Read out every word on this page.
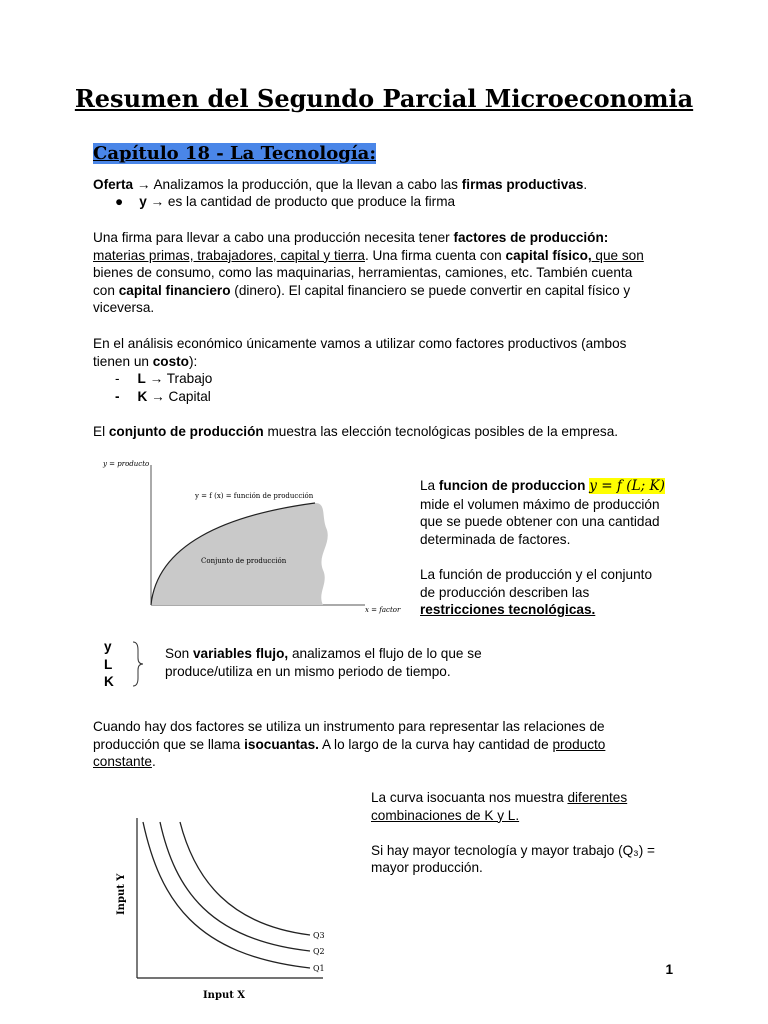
Resumen del Segundo Parcial Microeconomia
Capítulo 18 - La Tecnología:
Oferta → Analizamos la producción, que la llevan a cabo las firmas productivas.
● y → es la cantidad de producto que produce la firma
Una firma para llevar a cabo una producción necesita tener factores de producción:
materias primas, trabajadores, capital y tierra. Una firma cuenta con capital físico, que son
bienes de consumo, como las maquinarias, herramientas, camiones, etc. También cuenta
con capital financiero (dinero). El capital financiero se puede convertir en capital físico y
viceversa.
En el análisis económico únicamente vamos a utilizar como factores productivos (ambos
tienen un costo):
- L → Trabajo
- K → Capital
El conjunto de producción muestra las elección tecnológicas posibles de la empresa.
y = producto
x = factor
y = f (x) = función de producción
Conjunto de producción
La funcion de produccion y = f (L; K)
mide el volumen máximo de producción
que se puede obtener con una cantidad
determinada de factores.
La función de producción y el conjunto
de producción describen las
restricciones tecnológicas.
y
L
K
Son variables flujo, analizamos el flujo de lo que se
produce/utiliza en un mismo periodo de tiempo.
Cuando hay dos factores se utiliza un instrumento para representar las relaciones de
producción que se llama isocuantas. A lo largo de la curva hay cantidad de producto
constante.
Q3
Q2
Q1
Input X
Input Y
La curva isocuanta nos muestra diferentes
combinaciones de K y L.
Si hay mayor tecnología y mayor trabajo (Q₃) =
mayor producción.
1
